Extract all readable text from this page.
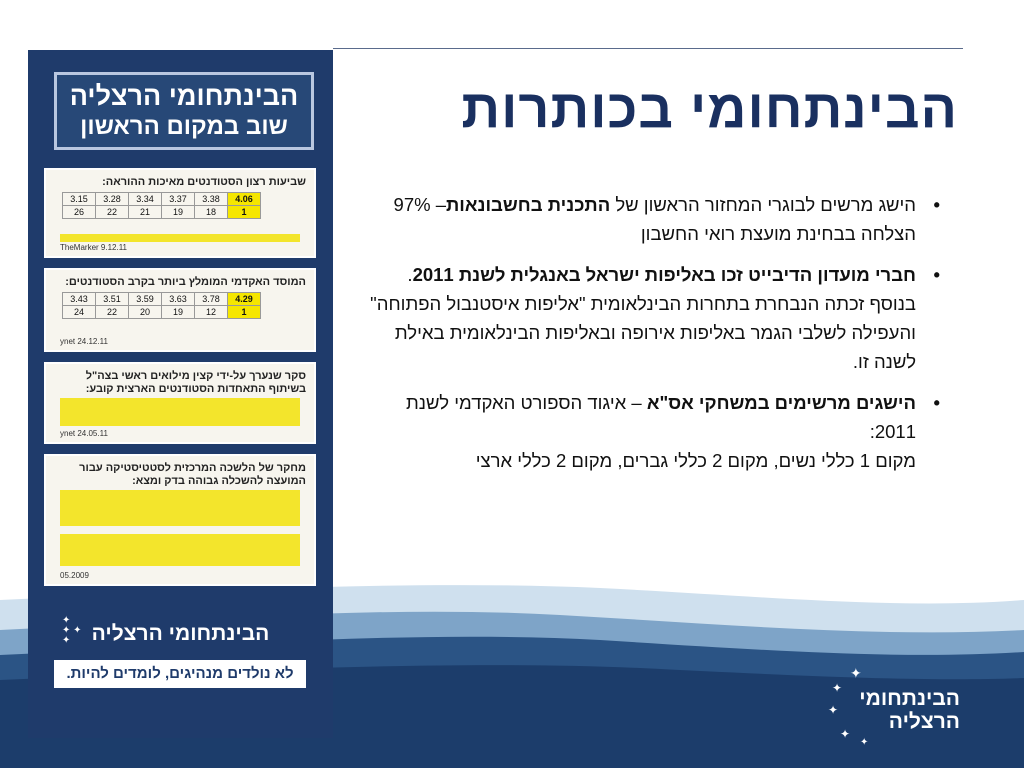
הבינתחומי בכותרות
•
הישג מרשים לבוגרי המחזור הראשון של התכנית בחשבונאות– 97% הצלחה בבחינת מועצת רואי החשבון
•
חברי מועדון הדיבייט זכו באליפות ישראל באנגלית לשנת 2011. בנוסף זכתה הנבחרת בתחרות הבינלאומית "אליפות איסטנבול הפתוחה" והעפילה לשלבי הגמר באליפות אירופה ובאליפות הבינלאומית באילת לשנה זו.
•
הישגים מרשימים במשחקי אס"א – איגוד הספורט האקדמי לשנת 2011:
מקום 1 כללי נשים, מקום 2 כללי גברים, מקום 2 כללי ארצי
הבינתחומי הרצליה
שוב במקום הראשון
שביעות רצון הסטודנטים מאיכות ההוראה:
3.15	3.28	3.34	3.37	3.38	4.06
26	22	21	19	18	1
TheMarker 9.12.11
המוסד האקדמי המומלץ ביותר בקרב הסטודנטים:
3.43	3.51	3.59	3.63	3.78	4.29
24	22	20	19	12	1
ynet 24.12.11
סקר שנערך על-ידי קצין מילואים ראשי בצה"ל בשיתוף התאחדות הסטודנטים הארצית קובע:
ynet 24.05.11
מחקר של הלשכה המרכזית לסטטיסטיקה עבור המועצה להשכלה גבוהה בדק ומצא:
05.2009
✦
✦ ✦
✦	הבינתחומי הרצליה
לא נולדים מנהיגים, לומדים להיות.	✦
✦
✦
✦
✦
הבינתחומי
הרצליה
